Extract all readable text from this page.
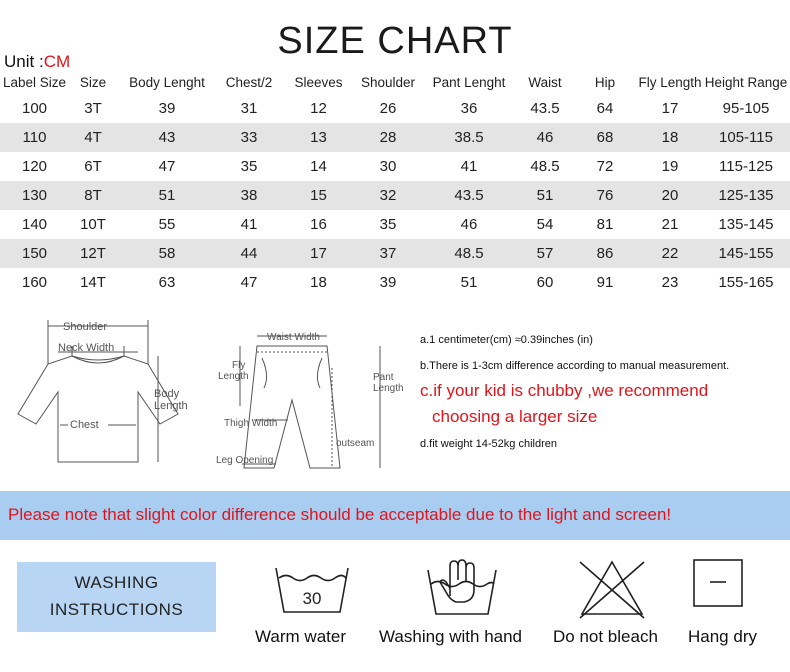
SIZE CHART
Unit :CM
Label Size	Size	Body Lenght	Chest/2	Sleeves	Shoulder	Pant Lenght	Waist	Hip	Fly Length	Height Range
100	3T	39	31	12	26	36	43.5	64	17	95-105
110	4T	43	33	13	28	38.5	46	68	18	105-115
120	6T	47	35	14	30	41	48.5	72	19	115-125
130	8T	51	38	15	32	43.5	51	76	20	125-135
140	10T	55	41	16	35	46	54	81	21	135-145
150	12T	58	44	17	37	48.5	57	86	22	145-155
160	14T	63	47	18	39	51	60	91	23	155-165
Shoulder
Neck Width
Body Length
Chest
Waist Width
Fly Length	Pant Length
Thigh Width
outseam
Leg Opening
a.1 centimeter(cm) ≈0.39inches (in)
b.There is 1-3cm difference according to manual measurement.
c.if your kid is chubby ,we recommend
choosing a larger size
d.fit weight 14-52kg children
Please note that slight color difference should be acceptable due to the light and screen!
WASHING
INSTRUCTIONS
30
Warm water Washing with hand Do not bleach Hang dry
